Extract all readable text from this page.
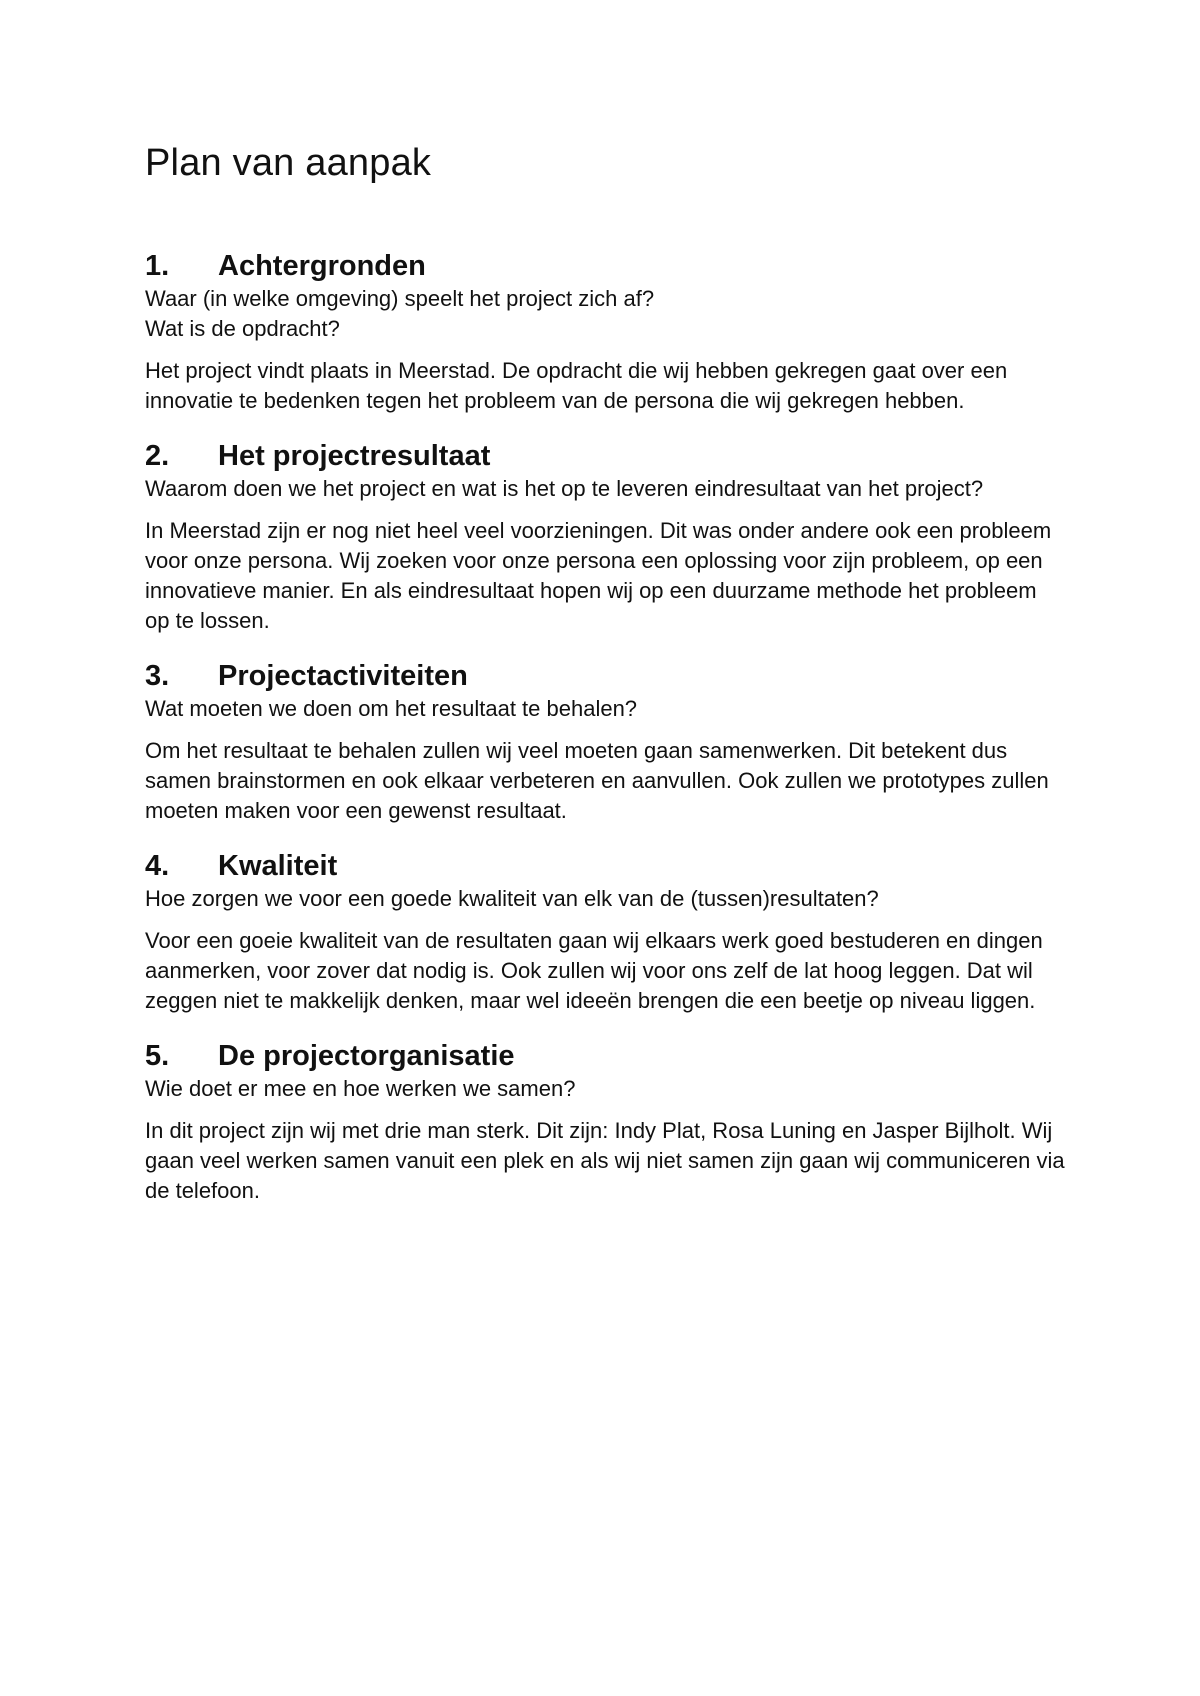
Plan van aanpak
1.	Achtergronden

Waar (in welke omgeving) speelt het project zich af?
Wat is de opdracht?

Het project vindt plaats in Meerstad. De opdracht die wij hebben gekregen gaat over een innovatie te bedenken tegen het probleem van de persona die wij gekregen hebben.

2.	Het projectresultaat

Waarom doen we het project en wat is het op te leveren eindresultaat van het project?

In Meerstad zijn er nog niet heel veel voorzieningen. Dit was onder andere ook een probleem voor onze persona. Wij zoeken voor onze persona een oplossing voor zijn probleem, op een innovatieve manier. En als eindresultaat hopen wij op een duurzame methode het probleem op te lossen.

3.	Projectactiviteiten

Wat moeten we doen om het resultaat te behalen?

Om het resultaat te behalen zullen wij veel moeten gaan samenwerken. Dit betekent dus samen brainstormen en ook elkaar verbeteren en aanvullen. Ook zullen we prototypes zullen moeten maken voor een gewenst resultaat.

4.	Kwaliteit

Hoe zorgen we voor een goede kwaliteit van elk van de (tussen)resultaten?

Voor een goeie kwaliteit van de resultaten gaan wij elkaars werk goed bestuderen en dingen aanmerken, voor zover dat nodig is. Ook zullen wij voor ons zelf de lat hoog leggen. Dat wil zeggen niet te makkelijk denken, maar wel ideeën brengen die een beetje op niveau liggen.

5.	De projectorganisatie

Wie doet er mee en hoe werken we samen?

In dit project zijn wij met drie man sterk. Dit zijn: Indy Plat, Rosa Luning en Jasper Bijlholt. Wij gaan veel werken samen vanuit een plek en als wij niet samen zijn gaan wij communiceren via de telefoon.
